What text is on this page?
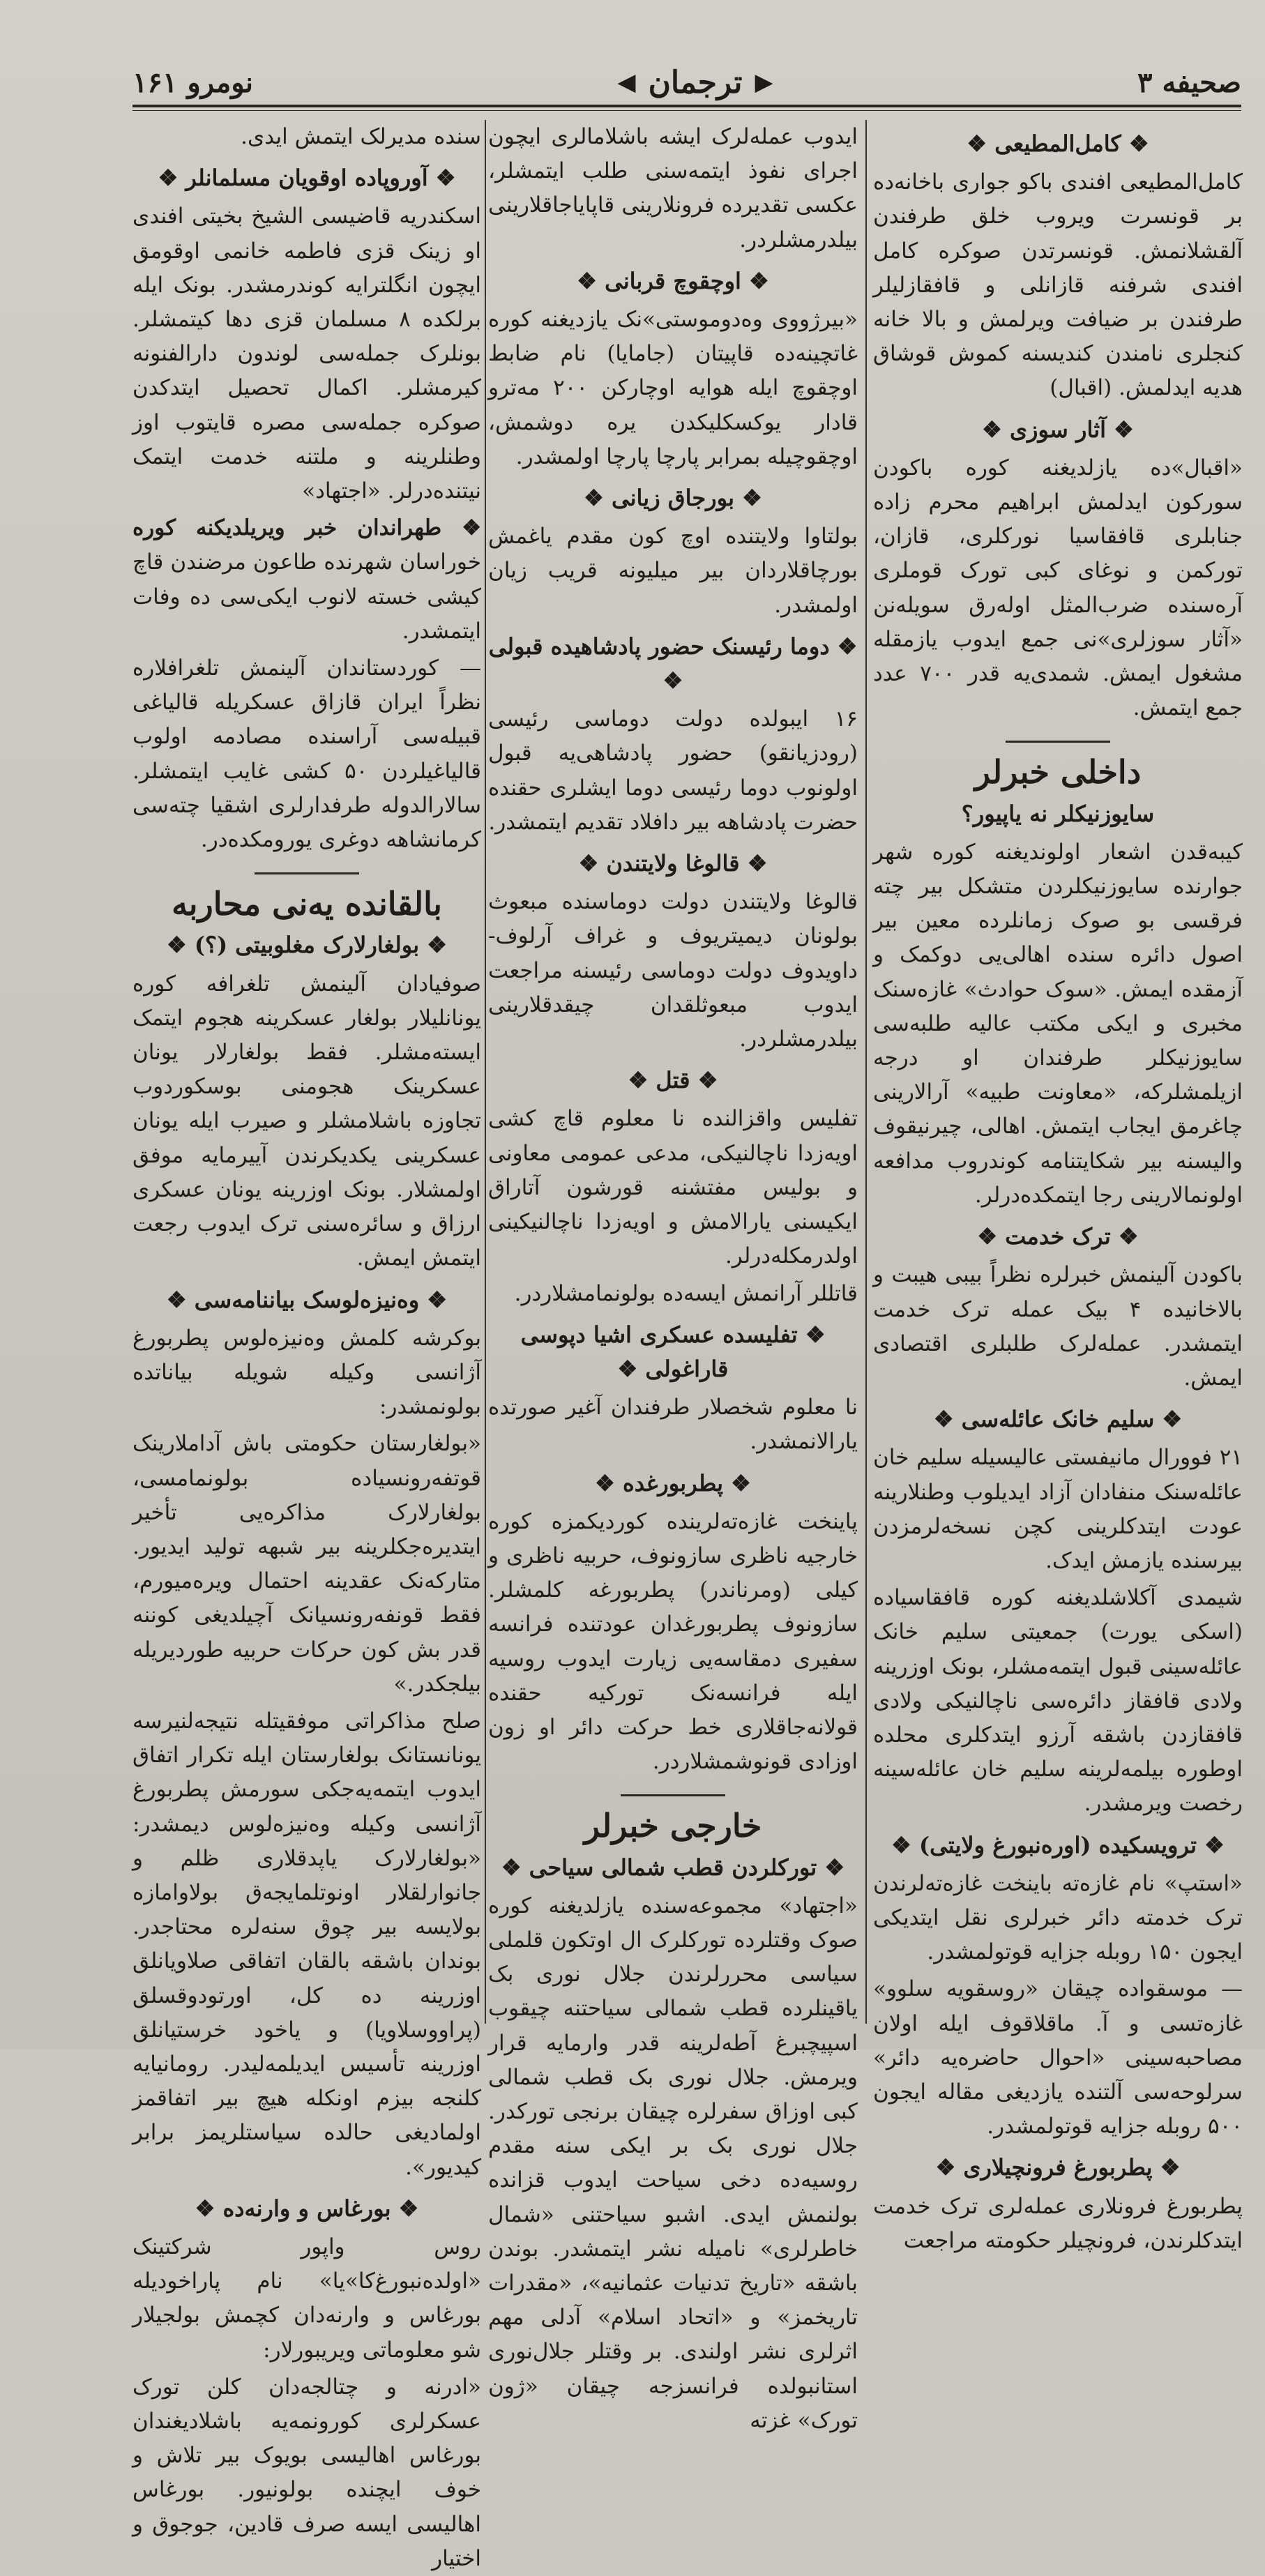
صحیفه ۳
▶
ترجمان
◀
نومرو ۱۶۱
❖ کامل‌المطیعی ❖

کامل‌المطیعی افندی باکو جواری باخانه‌ده بر قونسرت ویروب خلق طرفندن آلقشلانمش. قونسرتدن صوکره کامل افندی شرفنه قازانلی و قافقازلیلر طرفندن بر ضیافت ویرلمش و بالا خانه کنجلری نامندن کندیسنه کموش قوشاق هدیه ایدلمش. (اقبال)

❖ آثار سوزی ❖

«اقبال»ده یازلدیغنه کوره باکودن سورکون ایدلمش ابراهیم محرم زاده جنابلری قافقاسیا نورکلری، قازان، تورکمن و نوغای کبی تورک قوملری آره‌سنده ضرب‌المثل اوله‌رق سویله‌نن «آثار سوزلری»نی جمع ایدوب یازمقله مشغول ایمش. شمدی‌یه قدر ۷۰۰ عدد جمع ایتمش.

داخلی خبرلر
سایوزنیکلر نه یاپیور؟

کیبه‌قدن اشعار اولوندیغنه کوره شهر جوارنده سایوزنیکلردن متشکل بیر چته فرقسی بو صوک زمانلرده معین بیر اصول دائره سنده اهالی‌یی دوکمک و آزمقده ایمش. «سوک حوادث» غازه‌سنک مخبری و ایکی مکتب عالیه طلبه‌سی سایوزنیکلر طرفندان او درجه ازیلمشلرکه، «معاونت طبیه» آرالارینی چاغرمق ایجاب ایتمش. اهالی، چیرنیقوف والیسنه بیر شکایتنامه کوندروب مدافعه اولونمالارینی رجا ایتمکده‌درلر.

❖ ترک خدمت ❖

باکودن آلینمش خبرلره نظراً بیبی هیبت و بالاخانیده ۴ بیک عمله ترک خدمت ایتمشدر. عمله‌لرک طلبلری اقتصادی ایمش.

❖ سلیم خانک عائله‌سی ❖

۲۱ فوورال مانیفستی عالیسیله سلیم خان عائله‌سنک منفادان آزاد ایدیلوب وطنلارینه عودت ایتدکلرینی کچن نسخه‌لرمزدن بیرسنده یازمش ایدک.

شیمدی آکلاشلدیغنه کوره قافقاسیاده (اسکی یورت) جمعیتی سلیم خانک عائله‌سینی قبول ایتمه‌مشلر، بونک اوزرینه ولادی قافقاز دائره‌سی ناچالنیکی ولادی قافقازدن باشقه آرزو ایتدکلری محلده اوطوره بیلمه‌لرینه سلیم خان عائله‌سینه رخصت ویرمشدر.

❖ ترویسکیده (اوره‌نبورغ ولایتی) ❖

«استپ» نام غازه‌ته باینخت غازه‌ته‌لرندن ترک خدمته دائر خبرلری نقل ایتدیکی ایجون ۱۵۰ روبله جزایه قوتولمشدر.

— موسقواده چیقان «روسقویه سلوو» غازه‌تسی و آ. ماقلاقوف ایله اولان مصاحبه‌سینی «احوال حاضره‌یه دائر» سرلوحه‌سی آلتنده یازدیغی مقاله ایجون ۵۰۰ روبله جزایه قوتولمشدر.

❖ پطربورغ فرونچیلاری ❖

پطربورغ فرونلاری عمله‌لری ترک خدمت ایتدکلرندن، فرونچیلر حکومته مراجعت

ایدوب عمله‌لرک ایشه باشلامالری ایچون اجرای نفوذ ایتمه‌سنی طلب ایتمشلر، عکسی تقدیرده فرونلارینی قاپایاجاقلارینی بیلدرمشلردر.

❖ اوچقوچ قربانی ❖

«بیرژووی وه‌دوموستی»نک یازدیغنه کوره غاتچینه‌ده قاپیتان (جامایا) نام ضابط اوچقوچ ایله هوایه اوچارکن ۲۰۰ مه‌ترو قادار یوکسکلیکدن یره دوشمش، اوچقوچیله بمرابر پارچا پارچا اولمشدر.

❖ بورجاق زیانی ❖

بولتاوا ولایتنده اوچ کون مقدم یاغمش بورچاقلاردان بیر میلیونه قریب زیان اولمشدر.

❖ دوما رئیسنک حضور پادشاهیده قبولی ❖

۱۶ ایبولده دولت دوماسی رئیسی (رودزیانقو) حضور پادشاهی‌یه قبول اولونوب دوما رئیسی دوما ایشلری حقنده حضرت پادشاهه بیر دافلاد تقدیم ایتمشدر.

❖ قالوغا ولایتندن ❖

قالوغا ولایتندن دولت دوماسنده مبعوث بولونان دیمیتریوف و غراف آرلوف-داویدوف دولت دوماسی رئیسنه مراجعت ایدوب مبعوثلقدان چیقدقلارینی بیلدرمشلردر.

❖ قتل ❖

تفلیس واقزالنده نا معلوم قاچ کشی اویه‌زدا ناچالنیکی، مدعی عمومی معاونی و بولیس مفتشنه قورشون آتاراق ایکیسنی یارالامش و اویه‌زدا ناچالنیکینی اولدرمکله‌درلر.

قاتللر آرانمش ایسه‌ده بولونمامشلاردر.

❖ تفلیسده عسکری اشیا دپوسی قاراغولی ❖

نا معلوم شخصلار طرفندان آغیر صورتده یارالانمشدر.

❖ پطربورغده ❖

پاینخت غازه‌ته‌لرینده کوردیکمزه کوره خارجیه ناظری سازونوف، حربیه ناظری و کیلی (ومرناندر) پطربورغه کلمشلر. سازونوف پطربورغدان عودتنده فرانسه سفیری دمقاسه‌یی زیارت ایدوب روسیه ایله فرانسه‌نک تورکیه حقنده قولانه‌جاقلاری خط حرکت دائر او زون اوزادی قونوشمشلاردر.

خارجی خبرلر
❖ تورکلردن قطب شمالی سیاحی ❖

«اجتهاد» مجموعه‌سنده یازلدیغنه کوره صوک وقتلرده تورکلرک ال اوتکون قلملی سیاسی محررلرندن جلال نوری بک یاقینلرده قطب شمالی سیاحتنه چیقوب اسپیچبرغ آطه‌لرینه قدر وارمایه قرار ویرمش. جلال نوری بک قطب شمالی کبی اوزاق سفرلره چیقان برنجی تورکدر. جلال نوری بک بر ایکی سنه مقدم روسیه‌ده دخی سیاحت ایدوب قزانده بولنمش ایدی. اشبو سیاحتنی «شمال خاطرلری» نامیله نشر ایتمشدر. بوندن باشقه «تاریخ تدنیات عثمانیه»، «مقدرات تاریخمز» و «اتحاد اسلام» آدلی مهم اثرلری نشر اولندی. بر وقتلر جلال‌نوری استانبولده فرانسزجه چیقان «ژون تورک» غزته

سنده مدیرلک ایتمش ایدی.

❖ آوروپاده اوقویان مسلمانلر ❖

اسکندریه قاضیسی الشیخ بخیتی افندی او زینک قزی فاطمه خانمی اوقومق ایچون انگلترایه کوندرمشدر. بونک ایله برلکده ۸ مسلمان قزی دها کیتمشلر. بونلرک جمله‌سی لوندون دارالفنونه کیرمشلر. اکمال تحصیل ایتدکدن صوکره جمله‌سی مصره قایتوب اوز وطنلرینه و ملتنه خدمت ایتمک نیتنده‌درلر. «اجتهاد»

❖ طهراندان خبر ویریلدیکنه کوره خوراسان شهرنده طاعون مرضندن قاچ کیشی خسته لانوب ایکی‌سی ده وفات ایتمشدر.

— کوردستاندان آلینمش تلغرافلاره نظراً ایران قازاق عسکریله قالیاغی قبیله‌سی آراسنده مصادمه اولوب قالیاغیلردن ۵۰ کشی غایب ایتمشلر. سالارالدوله طرفدارلری اشقیا چته‌سی کرمانشاهه دوغری یورومکده‌در.

بالقانده یه‌نی محاربه
❖ بولغارلارک مغلوبیتی (؟) ❖

صوفیادان آلینمش تلغرافه کوره یونانلیلار بولغار عسکرینه هجوم ایتمک ایسته‌مشلر. فقط بولغارلار یونان عسکرینک هجومنی بوسکوردوب تجاوزه باشلامشلر و صیرب ایله یونان عسکرینی یکدیکرندن آییرمایه موفق اولمشلار. بونک اوزرینه یونان عسکری ارزاق و سائره‌سنی ترک ایدوب رجعت ایتمش ایمش.

❖ وه‌نیزه‌لوسک بیاننامه‌سی ❖

بوکرشه کلمش وه‌نیزه‌لوس پطربورغ آژانسی وکیله شویله بیاناتده بولونمشدر:

«بولغارستان حکومتی باش آداملارینک قوتفه‌رونسیاده بولونمامسی، بولغارلارک مذاکره‌یی تأخیر ایتدیره‌جکلرینه بیر شبهه تولید ایدیور. متارکه‌نک عقدینه احتمال ویره‌میورم، فقط قونفه‌رونسیانک آچیلدیغی کوننه قدر بش کون حرکات حربیه طوردیریله بیلجکدر.»

صلح مذاکراتی موفقیتله نتیجه‌لنیرسه یونانستانک بولغارستان ایله تکرار اتفاق ایدوب ایتمه‌یه‌جکی سورمش پطربورغ آژانسی وکیله وه‌نیزه‌لوس دیمشدر: «بولغارلارک یاپدقلاری ظلم و جانوارلقلار اونوتلمایجه‌ق بولاوامازه بولا‌یسه بیر چوق سنه‌لره محتاجدر. بوندان باشقه بالقان اتفاقی صلاویانلق اوزرینه ده کل، اورتودوقسلق (پراووسلاویا) و یاخود خرستیانلق اوزرینه تأسیس ایدیلمه‌لیدر. رومانیایه کلنجه بیزم اونکله هیچ بیر اتفاقمز اولمادیغی حالده سیاستلریمز برابر کیدیور».

❖ بورغاس و وارنه‌ده ❖

روس واپور شرکتینک «اولده‌نبورغ‌کا»یا» نام پاراخودیله بورغاس و وارنه‌دان کچمش بولجیلار شو معلوماتی ویریبورلار:

«ادرنه و چتالجه‌دان کلن تورک عسکرلری کورونمه‌یه باشلادیغندان بورغاس اهالیسی بویوک بیر تلاش و خوف ایچنده بولونیور. بورغاس اهالیسی ایسه صرف قادین، جوجوق و اختیار
